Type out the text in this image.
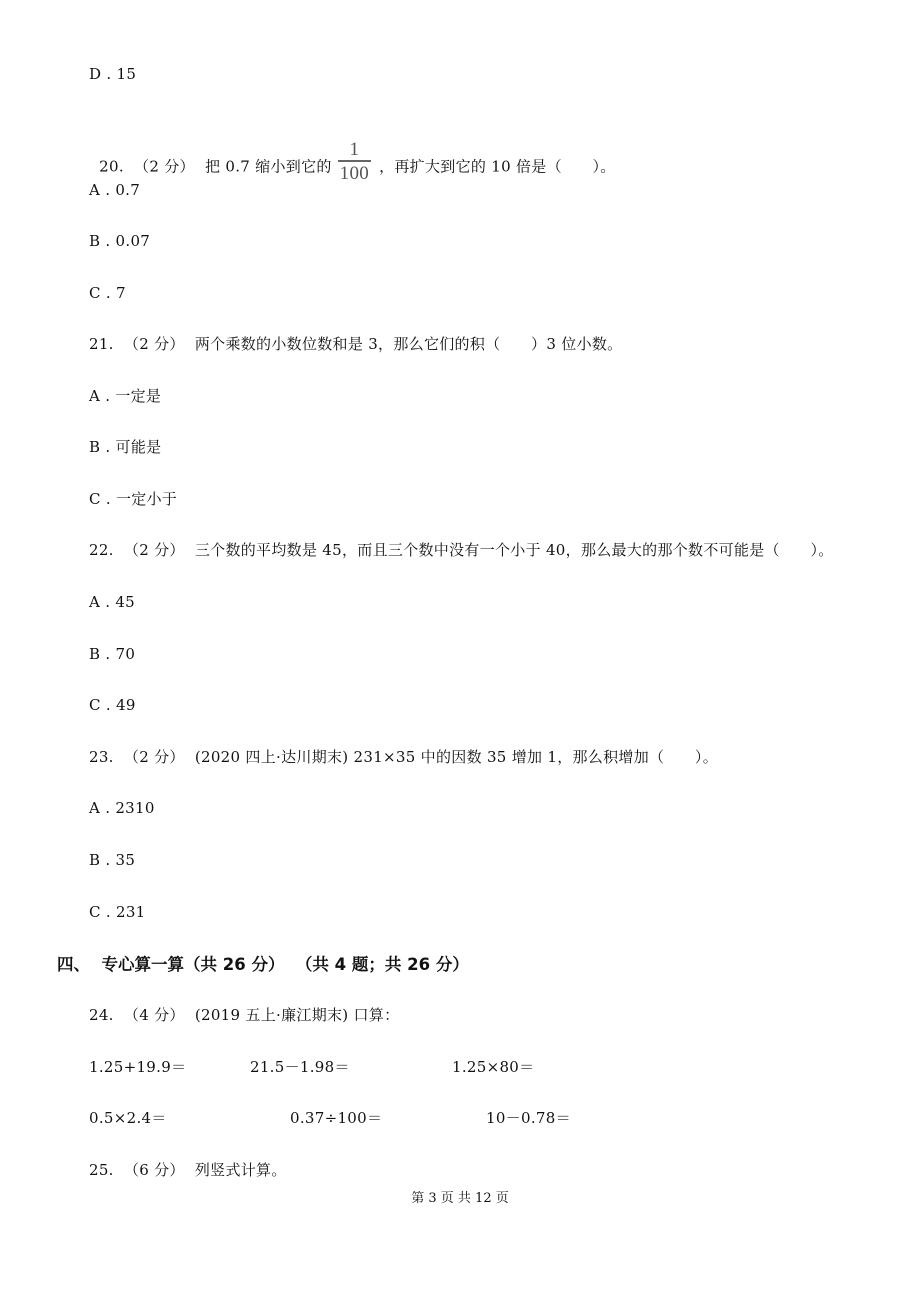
D . 15

20.  （2 分）  把 0.7 缩小到它的 $\frac{1}{100}$ ，再扩大到它的 10 倍是（　　）。

A . 0.7
B . 0.07
C . 7
21.  （2 分）  两个乘数的小数位数和是 3，那么它们的积（　　）3 位小数。
A . 一定是
B . 可能是
C . 一定小于
22.  （2 分）  三个数的平均数是 45，而且三个数中没有一个小于 40，那么最大的那个数不可能是（　　）。
A . 45
B . 70
C . 49
23.  （2 分）  (2020 四上·达川期末) 231×35 中的因数 35 增加 1，那么积增加（　　）。
A . 2310
B . 35
C . 231
四、  专心算一算（共 26 分）  （共 4 题；共 26 分）
24.  （4 分）  (2019 五上·廉江期末) 口算：
1.25+19.9＝	21.5－1.98＝	1.25×80＝
0.5×2.4＝	0.37÷100＝	10－0.78＝
25.  （6 分）  列竖式计算。
第 3 页 共 12 页
